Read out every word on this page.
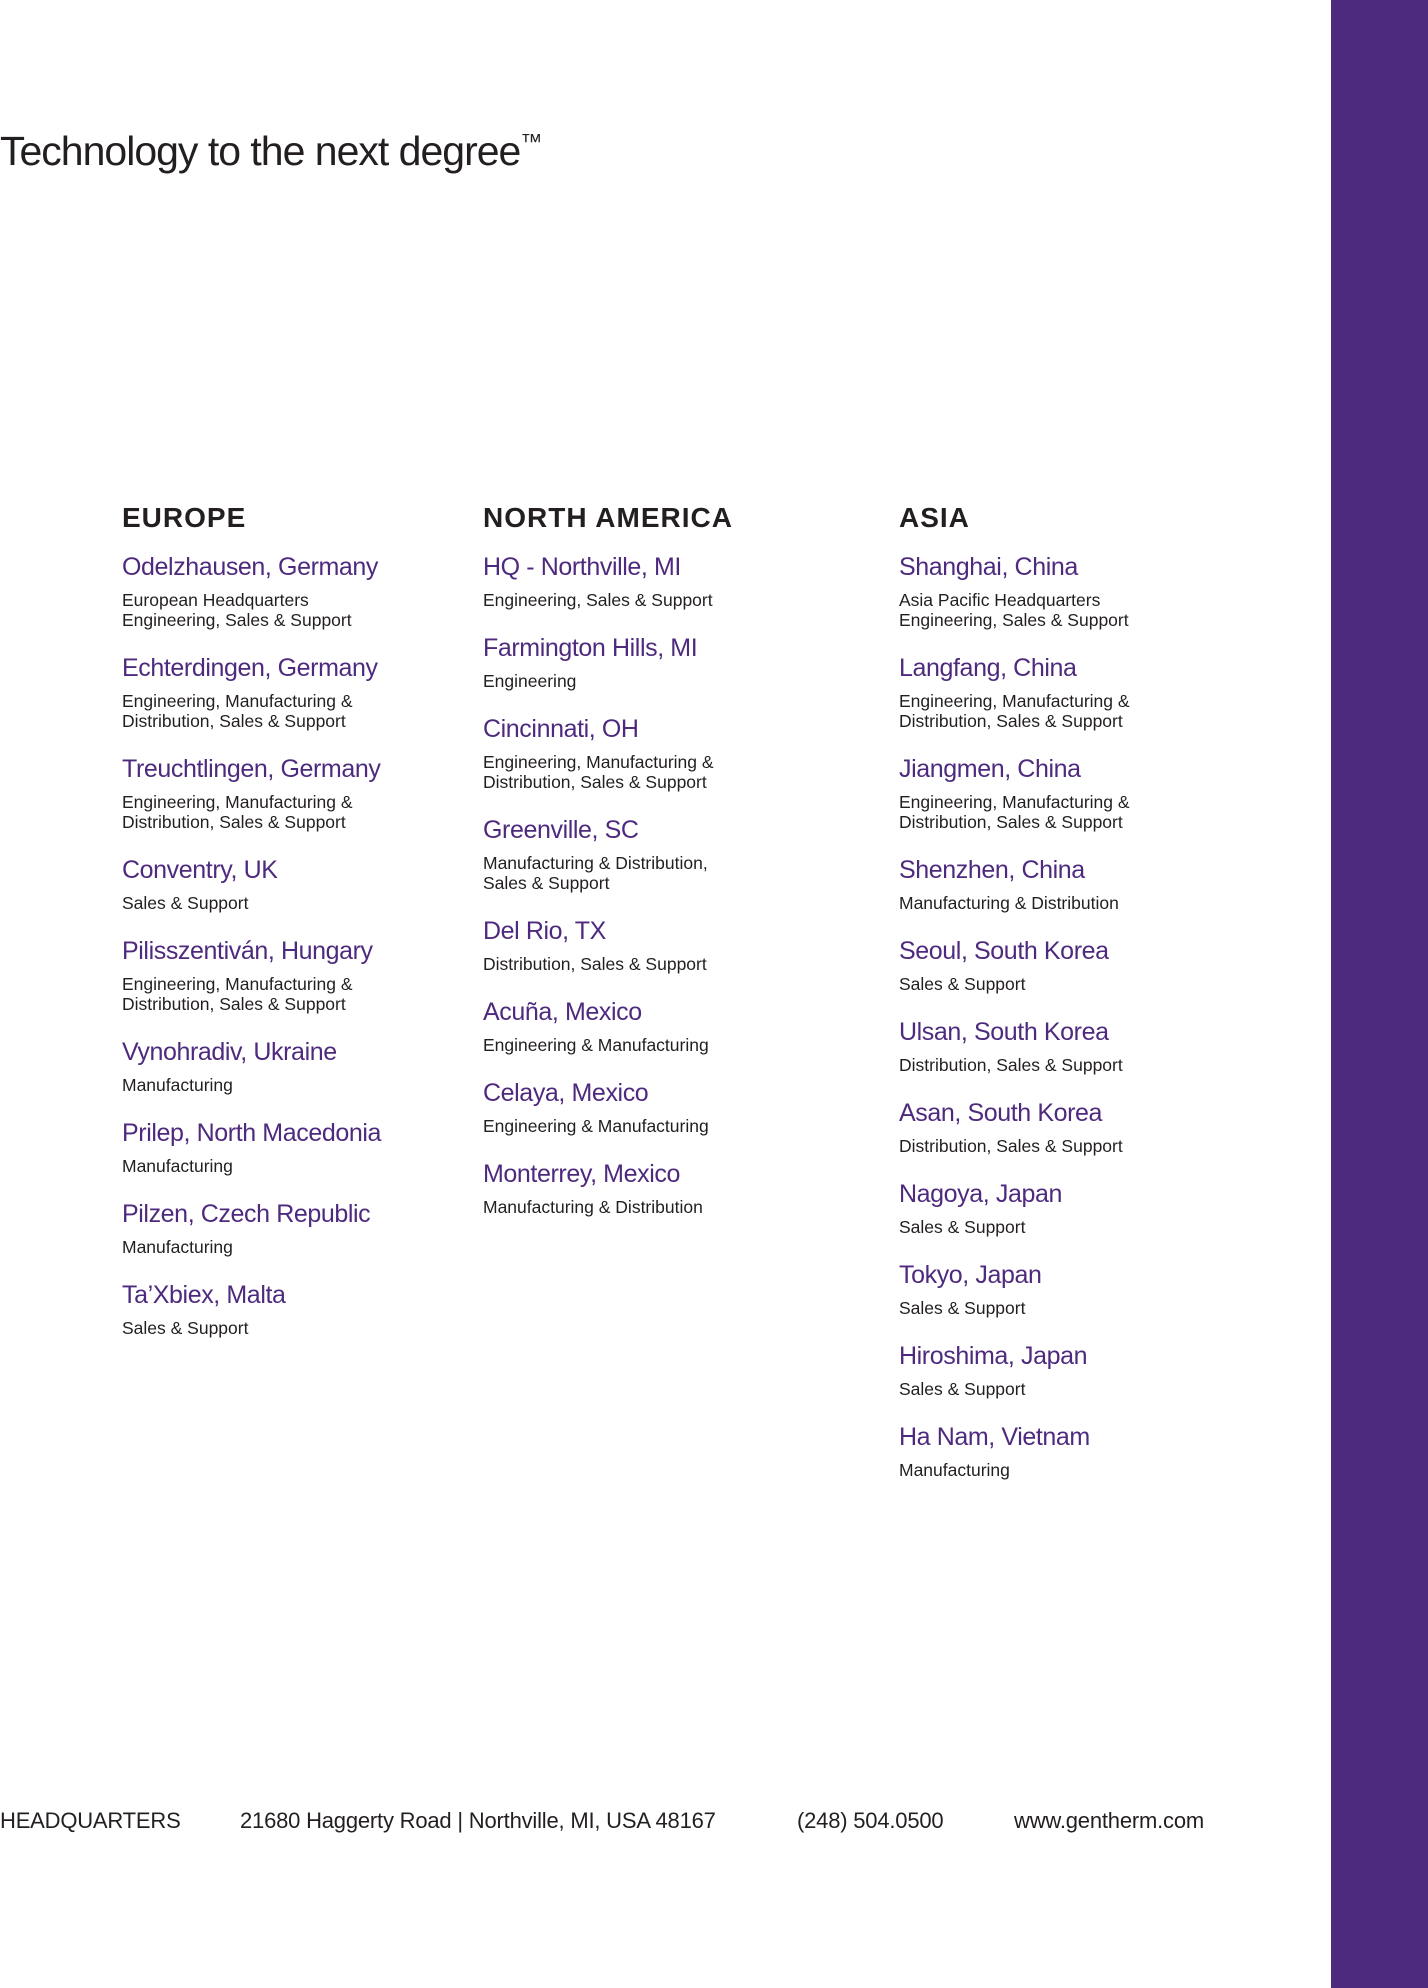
Technology to the next degree™
EUROPE
Odelzhausen, Germany
European Headquarters
Engineering, Sales & Support
Echterdingen, Germany
Engineering, Manufacturing &
Distribution, Sales & Support
Treuchtlingen, Germany
Engineering, Manufacturing &
Distribution, Sales & Support
Conventry, UK
Sales & Support
Pilisszentiván, Hungary
Engineering, Manufacturing &
Distribution, Sales & Support
Vynohradiv, Ukraine
Manufacturing
Prilep, North Macedonia
Manufacturing
Pilzen, Czech Republic
Manufacturing
Ta’Xbiex, Malta
Sales & Support
NORTH AMERICA
HQ - Northville, MI
Engineering, Sales & Support
Farmington Hills, MI
Engineering
Cincinnati, OH
Engineering, Manufacturing &
Distribution, Sales & Support
Greenville, SC
Manufacturing & Distribution,
Sales & Support
Del Rio, TX
Distribution, Sales & Support
Acuña, Mexico
Engineering & Manufacturing
Celaya, Mexico
Engineering & Manufacturing
Monterrey, Mexico
Manufacturing & Distribution
ASIA
Shanghai, China
Asia Pacific Headquarters
Engineering, Sales & Support
Langfang, China
Engineering, Manufacturing &
Distribution, Sales & Support
Jiangmen, China
Engineering, Manufacturing &
Distribution, Sales & Support
Shenzhen, China
Manufacturing & Distribution
Seoul, South Korea
Sales & Support
Ulsan, South Korea
Distribution, Sales & Support
Asan, South Korea
Distribution, Sales & Support
Nagoya, Japan
Sales & Support
Tokyo, Japan
Sales & Support
Hiroshima, Japan
Sales & Support
Ha Nam, Vietnam
Manufacturing
HEADQUARTERS	21680 Haggerty Road | Northville, MI, USA 48167	(248) 504.0500	www.gentherm.com
